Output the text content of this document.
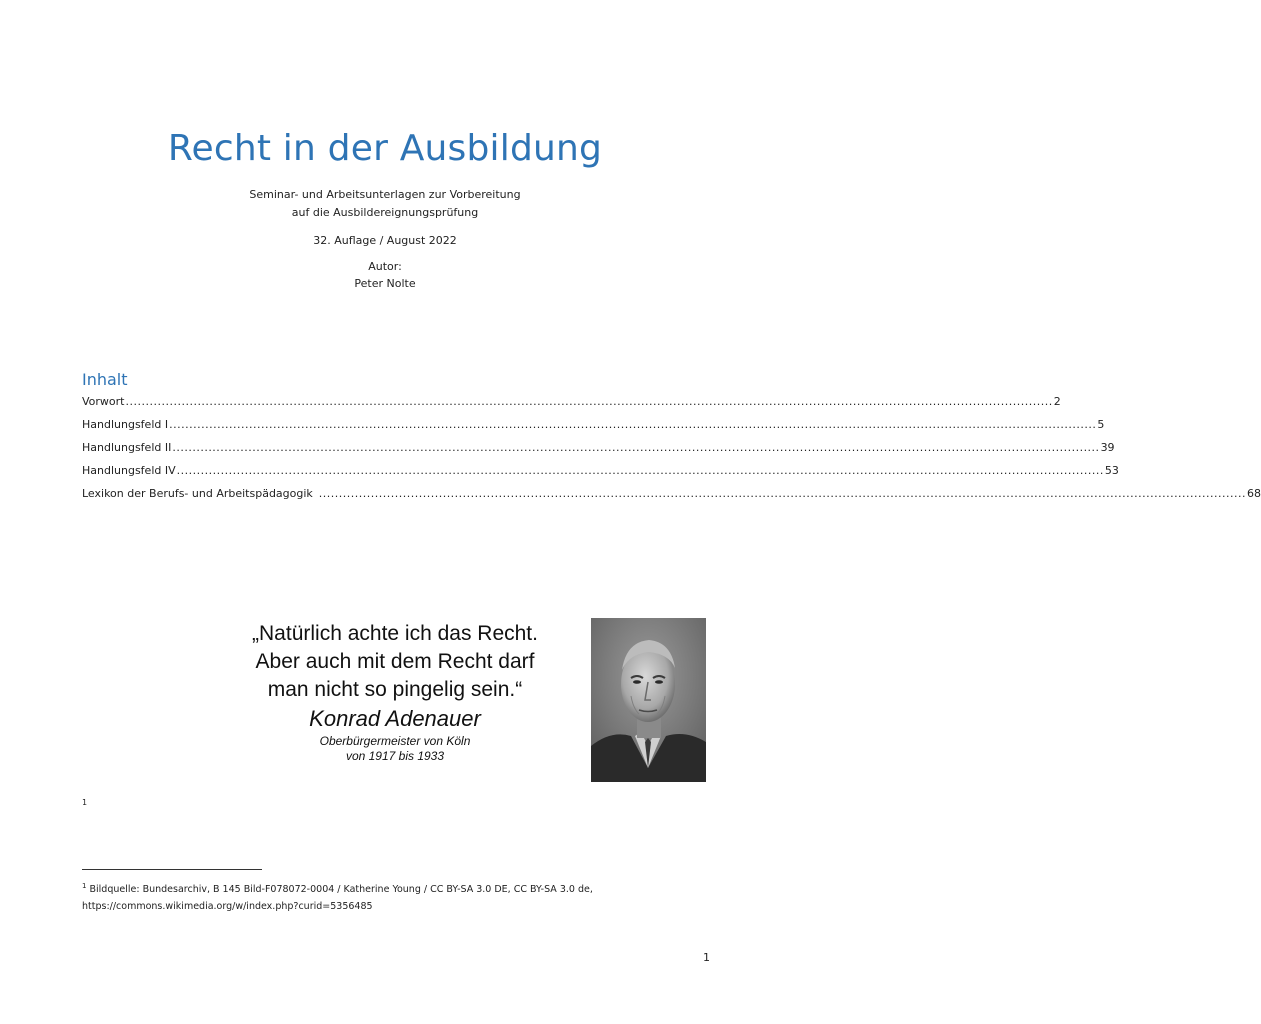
Recht in der Ausbildung
Seminar- und Arbeitsunterlagen zur Vorbereitung
auf die Ausbildereignungsprüfung
32. Auflage / August 2022
Autor:
Peter Nolte
Inhalt
Vorwort ........................................................................................................................................................................................................................................ 2
Handlungsfeld I ........................................................................................................................................................................................................................................ 5
Handlungsfeld II ........................................................................................................................................................................................................................................ 39
Handlungsfeld IV ........................................................................................................................................................................................................................................ 53
Lexikon der Berufs- und Arbeitspädagogik ........................................................................................................................................................................................................................................ 68
„Natürlich achte ich das Recht.
Aber auch mit dem Recht darf
man nicht so pingelig sein.“
Konrad Adenauer
Oberbürgermeister von Köln
von 1917 bis 1933
1
$^1$ Bildquelle: Bundesarchiv, B 145 Bild-F078072-0004 / Katherine Young / CC BY-SA 3.0 DE, CC BY-SA 3.0 de,
https://commons.wikimedia.org/w/index.php?curid=5356485
1
